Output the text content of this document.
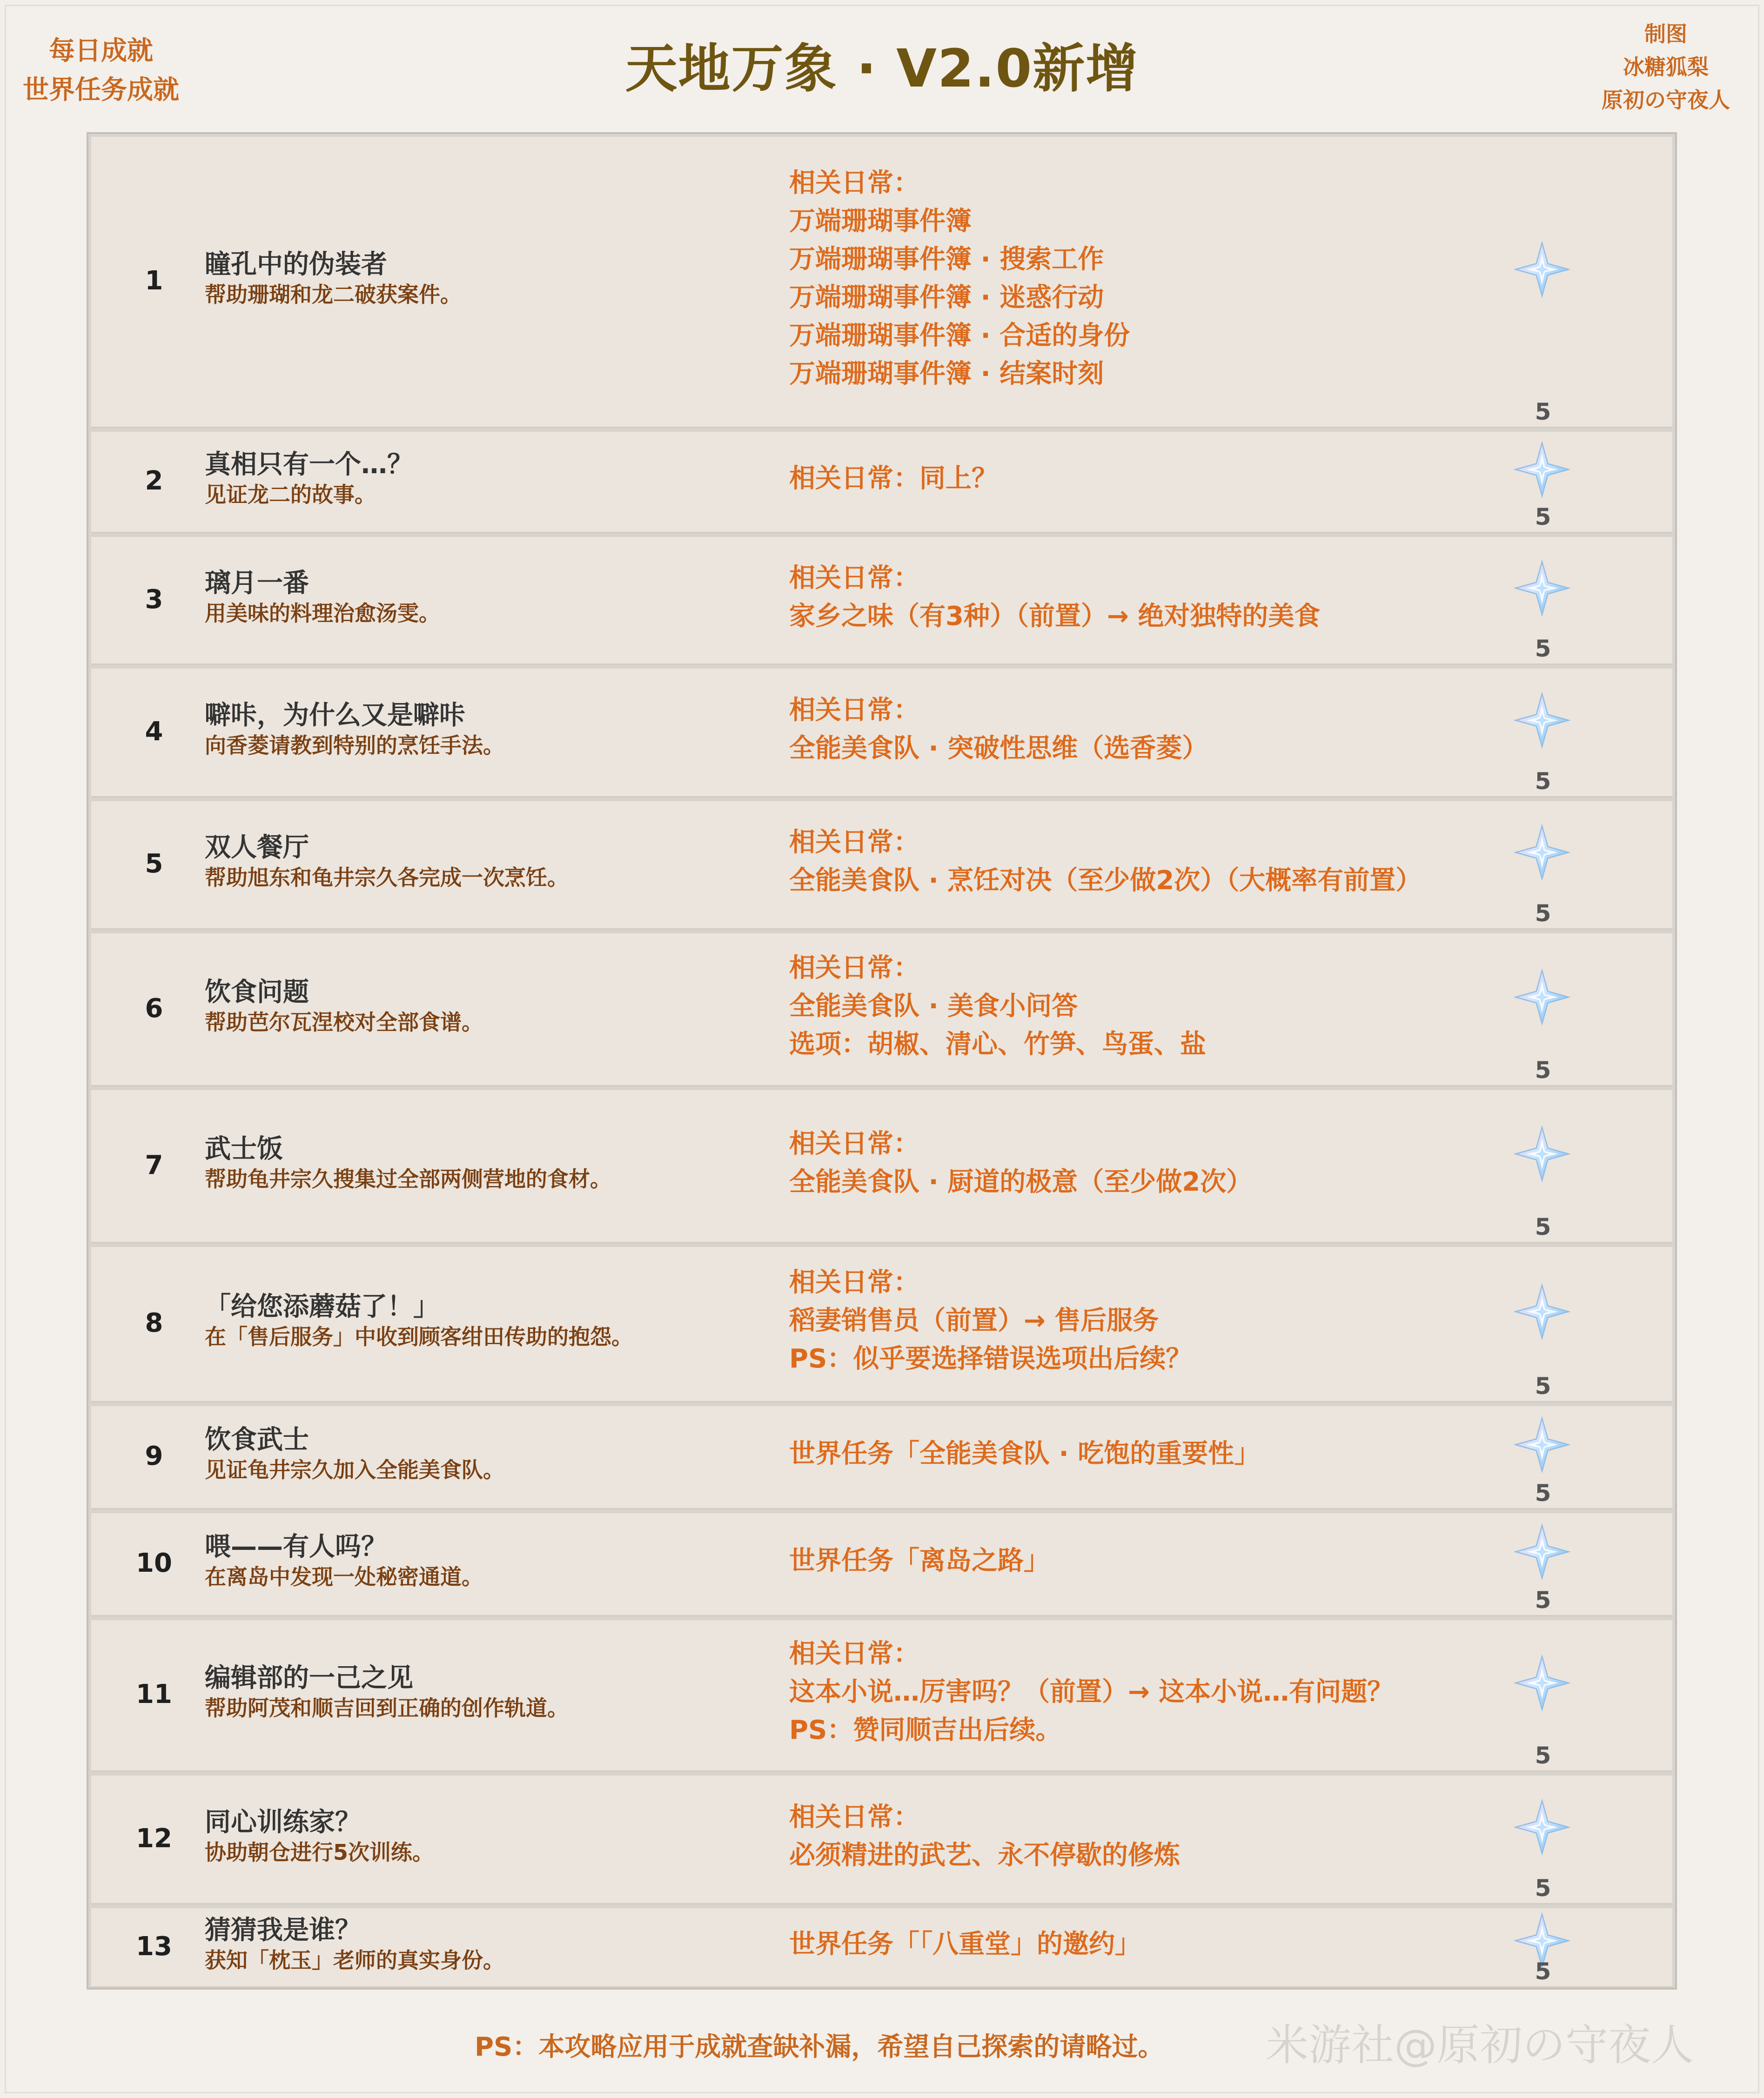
每日成就
世界任务成就	天地万象 · V2.0新增
制图
冰糖狐梨
原初の守夜人
1
瞳孔中的伪装者
帮助珊瑚和龙二破获案件。
相关日常：
万端珊瑚事件簿
万端珊瑚事件簿 · 搜索工作
万端珊瑚事件簿 · 迷惑行动
万端珊瑚事件簿 · 合适的身份
万端珊瑚事件簿 · 结案时刻
5
2
真相只有一个…？
见证龙二的故事。
相关日常：同上？
5
3
璃月一番
用美味的料理治愈汤雯。
相关日常：
家乡之味（有3种）（前置）→ 绝对独特的美食
5
4
噼咔，为什么又是噼咔
向香菱请教到特别的烹饪手法。
相关日常：
全能美食队 · 突破性思维（选香菱）
5
5
双人餐厅
帮助旭东和龟井宗久各完成一次烹饪。
相关日常：
全能美食队 · 烹饪对决（至少做2次）（大概率有前置）
5
6
饮食问题
帮助芭尔瓦涅校对全部食谱。
相关日常：
全能美食队 · 美食小问答
选项：胡椒、清心、竹笋、鸟蛋、盐
5
7
武士饭
帮助龟井宗久搜集过全部两侧营地的食材。
相关日常：
全能美食队 · 厨道的极意（至少做2次）
5
8
「给您添蘑菇了！」
在「售后服务」中收到顾客绀田传助的抱怨。
相关日常：
稻妻销售员（前置）→ 售后服务
PS：似乎要选择错误选项出后续？
5
9
饮食武士
见证龟井宗久加入全能美食队。
世界任务「全能美食队 · 吃饱的重要性」
5
10
喂——有人吗？
在离岛中发现一处秘密通道。
世界任务「离岛之路」
5
11
编辑部的一己之见
帮助阿茂和顺吉回到正确的创作轨道。
相关日常：
这本小说…厉害吗？（前置）→ 这本小说…有问题？
PS：赞同顺吉出后续。
5
12
同心训练家？
协助朝仓进行5次训练。
相关日常：
必须精进的武艺、永不停歇的修炼
5
13
猜猜我是谁？
获知「枕玉」老师的真实身份。
世界任务「「八重堂」的邀约」
5
PS：本攻略应用于成就查缺补漏，希望自己探索的请略过。 米游社@原初の守夜人
